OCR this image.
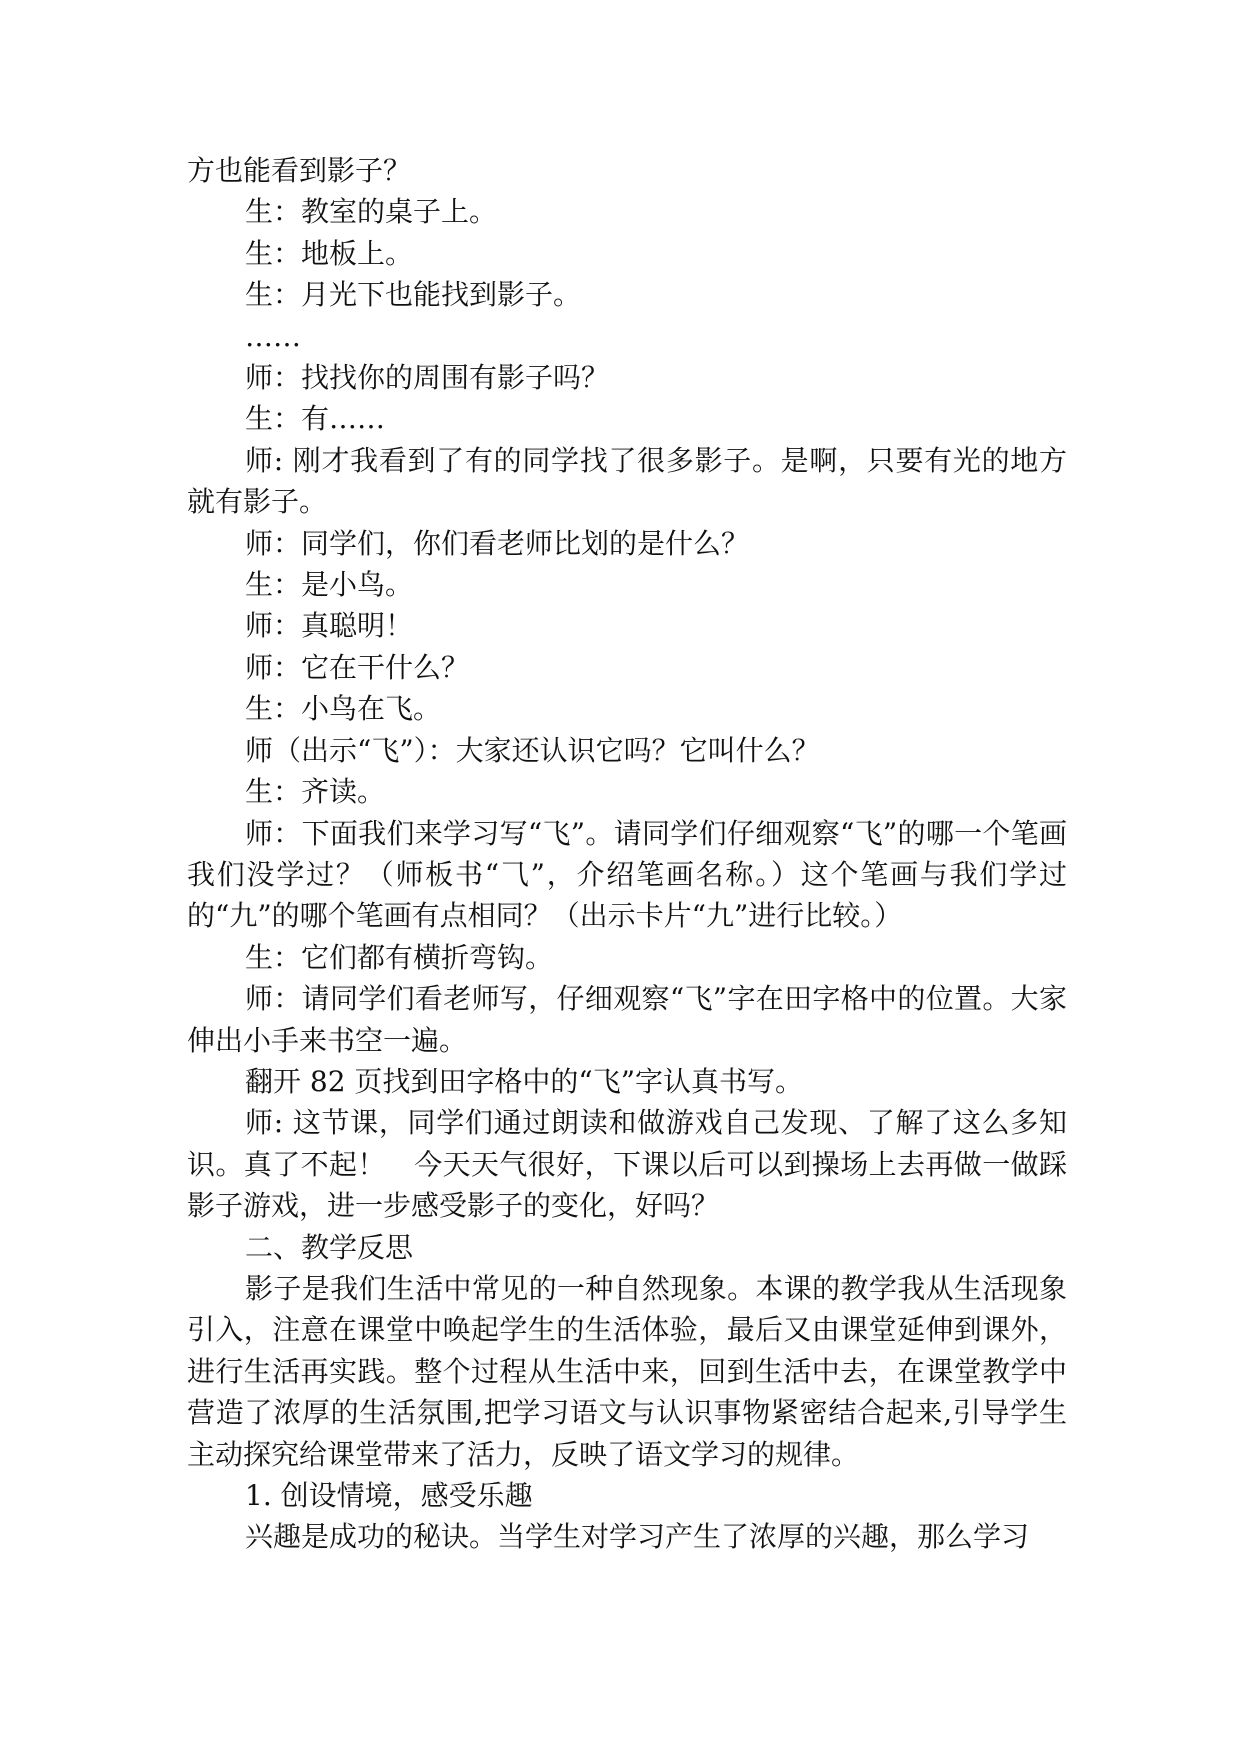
方也能看到影子？

生：教室的桌子上。

生：地板上。

生：月光下也能找到影子。

……

师：找找你的周围有影子吗？

生：有……

师: 刚才我看到了有的同学找了很多影子。是啊，只要有光的地方就有影子。

师：同学们，你们看老师比划的是什么？

生：是小鸟。

师：真聪明！

师：它在干什么？

生：小鸟在飞。

师（出示“飞”）：大家还认识它吗？它叫什么？

生：齐读。

师：下面我们来学习写“飞”。请同学们仔细观察“飞”的哪一个笔画我们没学过？（师板书“⺄”，介绍笔画名称。）这个笔画与我们学过的“九”的哪个笔画有点相同？（出示卡片“九”进行比较。）

生：它们都有横折弯钩。

师：请同学们看老师写，仔细观察“飞”字在田字格中的位置。大家伸出小手来书空一遍。

翻开 82 页找到田字格中的“飞”字认真书写。

师: 这节课，同学们通过朗读和做游戏自己发现、了解了这么多知识。真了不起！　今天天气很好，下课以后可以到操场上去再做一做踩影子游戏，进一步感受影子的变化，好吗？

二、教学反思

影子是我们生活中常见的一种自然现象。本课的教学我从生活现象引入，注意在课堂中唤起学生的生活体验，最后又由课堂延伸到课外，进行生活再实践。整个过程从生活中来，回到生活中去，在课堂教学中营造了浓厚的生活氛围,把学习语文与认识事物紧密结合起来,引导学生主动探究给课堂带来了活力，反映了语文学习的规律。

1. 创设情境，感受乐趣

兴趣是成功的秘诀。当学生对学习产生了浓厚的兴趣，那么学习
